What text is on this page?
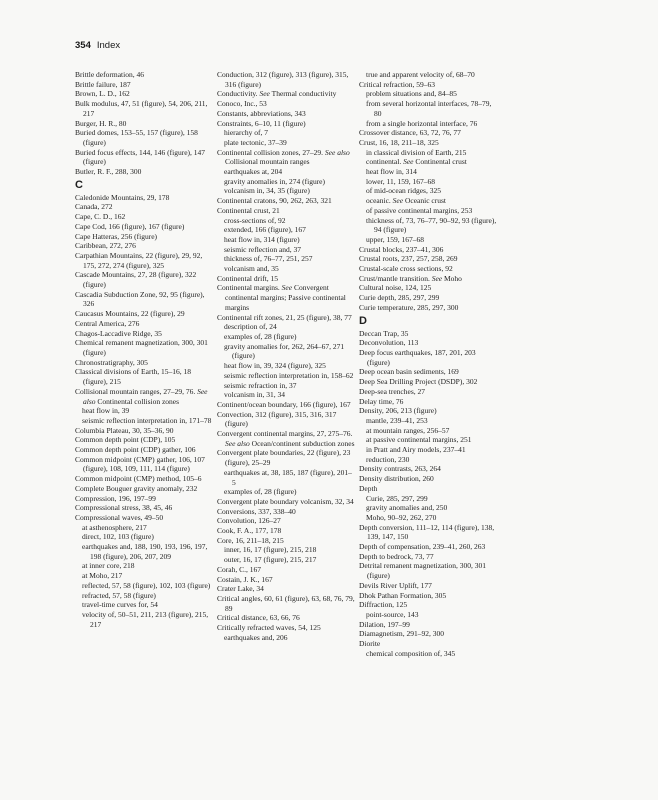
354 Index
Brittle deformation, 46
Brittle failure, 187
Brown, L. D., 162
Bulk modulus, 47, 51 (figure), 54, 206, 211, 217
Burger, H. R., 80
Buried domes, 153–55, 157 (figure), 158 (figure)
Buried focus effects, 144, 146 (figure), 147 (figure)
Butler, R. F., 288, 300
C
Caledonide Mountains, 29, 178
Canada, 272
Cape, C. D., 162
Cape Cod, 166 (figure), 167 (figure)
Cape Hatteras, 256 (figure)
Caribbean, 272, 276
Carpathian Mountains, 22 (figure), 29, 92, 175, 272, 274 (figure), 325
Cascade Mountains, 27, 28 (figure), 322 (figure)
Cascadia Subduction Zone, 92, 95 (figure), 326
Caucasus Mountains, 22 (figure), 29
Central America, 276
Chagos-Laccadive Ridge, 35
Chemical remanent magnetization, 300, 301 (figure)
Chronostratigraphy, 305
Classical divisions of Earth, 15–16, 18 (figure), 215
Collisional mountain ranges, 27–29, 76. See also Continental collision zones
heat flow in, 39
seismic reflection interpretation in, 171–78
Columbia Plateau, 30, 35–36, 90
Common depth point (CDP), 105
Common depth point (CDP) gather, 106
Common midpoint (CMP) gather, 106, 107 (figure), 108, 109, 111, 114 (figure)
Common midpoint (CMP) method, 105–6
Complete Bouguer gravity anomaly, 232
Compression, 196, 197–99
Compressional stress, 38, 45, 46
Compressional waves, 49–50
at asthenosphere, 217
direct, 102, 103 (figure)
earthquakes and, 188, 190, 193, 196, 197, 198 (figure), 206, 207, 209
at inner core, 218
at Moho, 217
reflected, 57, 58 (figure), 102, 103 (figure)
refracted, 57, 58 (figure)
travel-time curves for, 54
velocity of, 50–51, 211, 213 (figure), 215, 217
Conduction, 312 (figure), 313 (figure), 315, 316 (figure)
Conductivity. See Thermal conductivity
Conoco, Inc., 53
Constants, abbreviations, 343
Constraints, 6–10, 11 (figure)
hierarchy of, 7
plate tectonic, 37–39
Continental collision zones, 27–29. See also Collisional mountain ranges
earthquakes at, 204
gravity anomalies in, 274 (figure)
volcanism in, 34, 35 (figure)
Continental cratons, 90, 262, 263, 321
Continental crust, 21
cross-sections of, 92
extended, 166 (figure), 167
heat flow in, 314 (figure)
seismic reflection and, 37
thickness of, 76–77, 251, 257
volcanism and, 35
Continental drift, 15
Continental margins. See Convergent continental margins; Passive continental margins
Continental rift zones, 21, 25 (figure), 38, 77
description of, 24
examples of, 28 (figure)
gravity anomalies for, 262, 264–67, 271 (figure)
heat flow in, 39, 324 (figure), 325
seismic reflection interpretation in, 158–62
seismic refraction in, 37
volcanism in, 31, 34
Continent/ocean boundary, 166 (figure), 167
Convection, 312 (figure), 315, 316, 317 (figure)
Convergent continental margins, 27, 275–76. See also Ocean/continent subduction zones
Convergent plate boundaries, 22 (figure), 23 (figure), 25–29
earthquakes at, 38, 185, 187 (figure), 201–5
examples of, 28 (figure)
Convergent plate boundary volcanism, 32, 34
Conversions, 337, 338–40
Convolution, 126–27
Cook, F. A., 177, 178
Core, 16, 211–18, 215
inner, 16, 17 (figure), 215, 218
outer, 16, 17 (figure), 215, 217
Corah, C., 167
Costain, J. K., 167
Crater Lake, 34
Critical angles, 60, 61 (figure), 63, 68, 76, 79, 89
Critical distance, 63, 66, 76
Critically refracted waves, 54, 125
earthquakes and, 206
true and apparent velocity of, 68–70
Critical refraction, 59–63
problem situations and, 84–85
from several horizontal interfaces, 78–79, 80
from a single horizontal interface, 76
Crossover distance, 63, 72, 76, 77
Crust, 16, 18, 211–18, 325
in classical division of Earth, 215
continental. See Continental crust
heat flow in, 314
lower, 11, 159, 167–68
of mid-ocean ridges, 325
oceanic. See Oceanic crust
of passive continental margins, 253
thickness of, 73, 76–77, 90–92, 93 (figure), 94 (figure)
upper, 159, 167–68
Crustal blocks, 237–41, 306
Crustal roots, 237, 257, 258, 269
Crustal-scale cross sections, 92
Crust/mantle transition. See Moho
Cultural noise, 124, 125
Curie depth, 285, 297, 299
Curie temperature, 285, 297, 300
D
Deccan Trap, 35
Deconvolution, 113
Deep focus earthquakes, 187, 201, 203 (figure)
Deep ocean basin sediments, 169
Deep Sea Drilling Project (DSDP), 302
Deep-sea trenches, 27
Delay time, 76
Density, 206, 213 (figure)
mantle, 239–41, 253
at mountain ranges, 256–57
at passive continental margins, 251
in Pratt and Airy models, 237–41
reduction, 230
Density contrasts, 263, 264
Density distribution, 260
Depth
Curie, 285, 297, 299
gravity anomalies and, 250
Moho, 90–92, 262, 270
Depth conversion, 111–12, 114 (figure), 138, 139, 147, 150
Depth of compensation, 239–41, 260, 263
Depth to bedrock, 73, 77
Detrital remanent magnetization, 300, 301 (figure)
Devils River Uplift, 177
Dhok Pathan Formation, 305
Diffraction, 125
point-source, 143
Dilation, 197–99
Diamagnetism, 291–92, 300
Diorite
chemical composition of, 345
